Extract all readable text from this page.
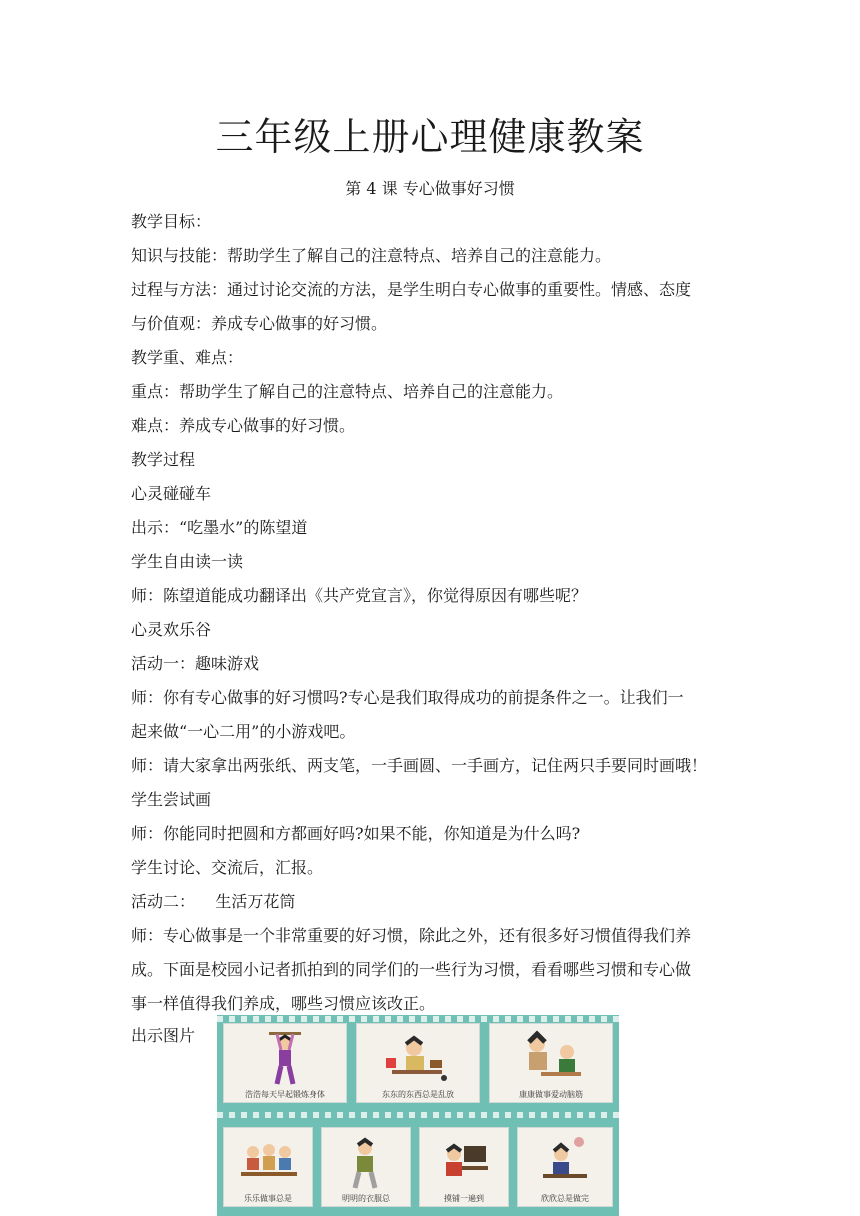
三年级上册心理健康教案
第 4 课 专心做事好习惯
教学目标：
知识与技能：帮助学生了解自己的注意特点、培养自己的注意能力。
过程与方法：通过讨论交流的方法，是学生明白专心做事的重要性。情感、态度
与价值观：养成专心做事的好习惯。
教学重、难点：
重点：帮助学生了解自己的注意特点、培养自己的注意能力。
难点：养成专心做事的好习惯。
教学过程
心灵碰碰车
出示：“吃墨水”的陈望道
学生自由读一读
师：陈望道能成功翻译出《共产党宣言》，你觉得原因有哪些呢？
心灵欢乐谷
活动一：趣味游戏
师：你有专心做事的好习惯吗?专心是我们取得成功的前提条件之一。让我们一
起来做“一心二用”的小游戏吧。
师：请大家拿出两张纸、两支笔，一手画圆、一手画方，记住两只手要同时画哦！
学生尝试画
师：你能同时把圆和方都画好吗?如果不能，你知道是为什么吗?
学生讨论、交流后，汇报。
活动二：    生活万花筒
师：专心做事是一个非常重要的好习惯，除此之外，还有很多好习惯值得我们养
成。下面是校园小记者抓拍到的同学们的一些行为习惯，看看哪些习惯和专心做
事一样值得我们养成，哪些习惯应该改正。
出示图片
浩浩每天早起锻炼身体	东东的东西总是乱放	康康做事爱动脑筋
乐乐做事总是	明明的衣服总	摸铺一遍到	欣欣总是做完
